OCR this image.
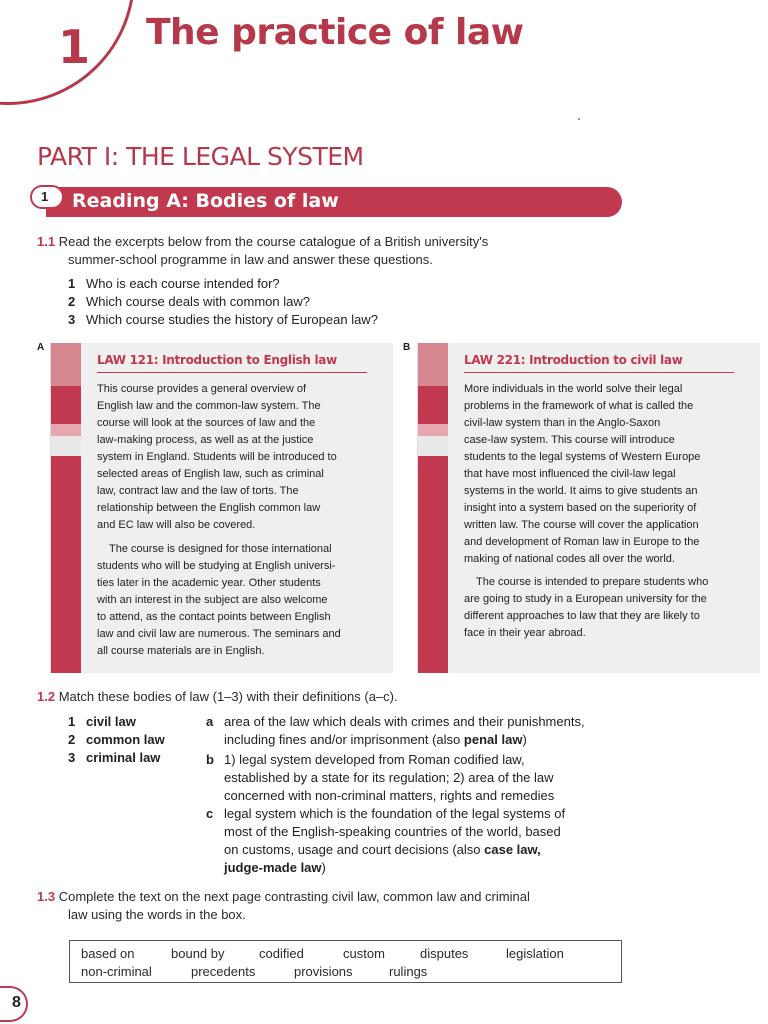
1 The practice of law
PART I: THE LEGAL SYSTEM
1 Reading A: Bodies of law
1.1 Read the excerpts below from the course catalogue of a British university's
summer-school programme in law and answer these questions.
1 Who is each course intended for?
2 Which course deals with common law?
3 Which course studies the history of European law?
A
LAW 121: Introduction to English law
This course provides a general overview of
English law and the common-law system. The
course will look at the sources of law and the
law-making process, as well as at the justice
system in England. Students will be introduced to
selected areas of English law, such as criminal
law, contract law and the law of torts. The
relationship between the English common law
and EC law will also be covered.
The course is designed for those international
students who will be studying at English universi-
ties later in the academic year. Other students
with an interest in the subject are also welcome
to attend, as the contact points between English
law and civil law are numerous. The seminars and
all course materials are in English.
B
LAW 221: Introduction to civil law
More individuals in the world solve their legal
problems in the framework of what is called the
civil-law system than in the Anglo-Saxon
case-law system. This course will introduce
students to the legal systems of Western Europe
that have most influenced the civil-law legal
systems in the world. It aims to give students an
insight into a system based on the superiority of
written law. The course will cover the application
and development of Roman law in Europe to the
making of national codes all over the world.
The course is intended to prepare students who
are going to study in a European university for the
different approaches to law that they are likely to
face in their year abroad.
1.2 Match these bodies of law (1–3) with their definitions (a–c).
1 civil law
2 common law
3 criminal law
a area of the law which deals with crimes and their punishments,
including fines and/or imprisonment (also penal law)
b 1) legal system developed from Roman codified law,
established by a state for its regulation; 2) area of the law
concerned with non-criminal matters, rights and remedies
c legal system which is the foundation of the legal systems of
most of the English-speaking countries of the world, based
on customs, usage and court decisions (also case law,
judge-made law)
1.3 Complete the text on the next page contrasting civil law, common law and criminal
law using the words in the box.
based on	bound by	codified	custom	disputes	legislation
non-criminal	precedents	provisions	rulings
8
